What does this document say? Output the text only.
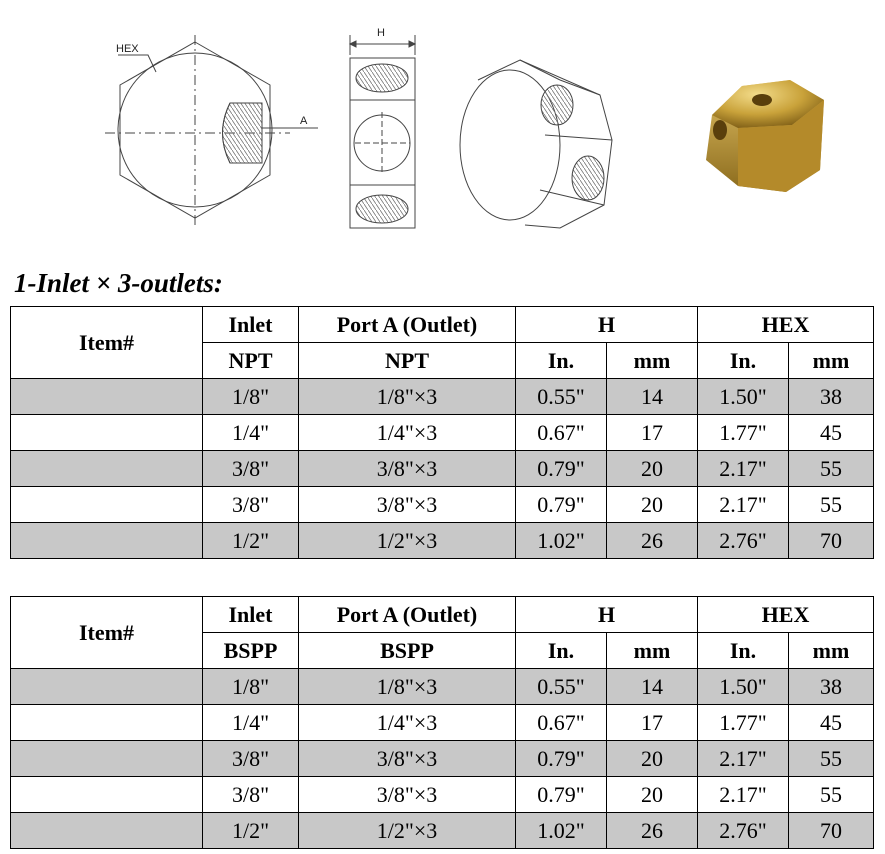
HEX
A
H
1-Inlet × 3-outlets:
Item#	Inlet	Port A (Outlet)	H		HEX	
	NPT	NPT	In.	mm	In.	mm
	1/8"	1/8"×3	0.55"	14	1.50"	38
	1/4"	1/4"×3	0.67"	17	1.77"	45
	3/8"	3/8"×3	0.79"	20	2.17"	55
	3/8"	3/8"×3	0.79"	20	2.17"	55
	1/2"	1/2"×3	1.02"	26	2.76"	70
Item#	Inlet	Port A (Outlet)	H		HEX	
	BSPP	BSPP	In.	mm	In.	mm
	1/8"	1/8"×3	0.55"	14	1.50"	38
	1/4"	1/4"×3	0.67"	17	1.77"	45
	3/8"	3/8"×3	0.79"	20	2.17"	55
	3/8"	3/8"×3	0.79"	20	2.17"	55
	1/2"	1/2"×3	1.02"	26	2.76"	70
